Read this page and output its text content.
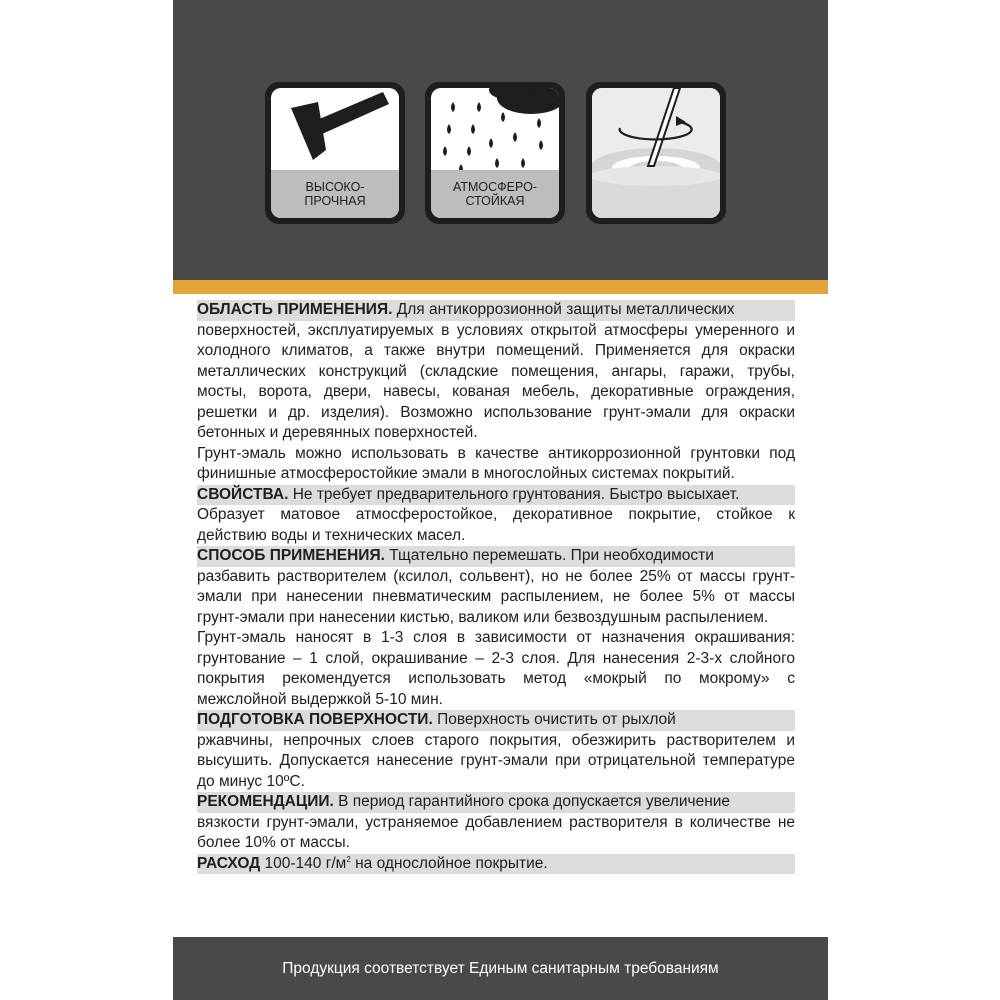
ВЫСОКО-
ПРОЧНАЯ
АТМОСФЕРО-
СТОЙКАЯ
ОБЛАСТЬ ПРИМЕНЕНИЯ. Для антикоррозионной защиты металлических

поверхностей, эксплуатируемых в условиях открытой атмосферы умеренного и холодного климатов, а также внутри помещений. Применяется для окраски металлических конструкций (складские помещения, ангары, гаражи, трубы, мосты, ворота, двери, навесы, кованая мебель, декоративные ограждения, решетки и др. изделия). Возможно использование грунт-эмали для окраски бетонных и деревянных поверхностей.

Грунт-эмаль можно использовать в качестве антикоррозионной грунтовки под финишные атмосферостойкие эмали в многослойных системах покрытий.

СВОЙСТВА. Не требует предварительного грунтования. Быстро высыхает.

Образует матовое атмосферостойкое, декоративное покрытие, стойкое к действию воды и технических масел.

СПОСОБ ПРИМЕНЕНИЯ. Тщательно перемешать. При необходимости

разбавить растворителем (ксилол, сольвент), но не более 25% от массы грунт-эмали при нанесении пневматическим распылением, не более 5% от массы грунт-эмали при нанесении кистью, валиком или безвоздушным распылением.

Грунт-эмаль наносят в 1-3 слоя в зависимости от назначения окрашивания: грунтование – 1 слой, окрашивание – 2-3 слоя. Для нанесения 2-3-х слойного покрытия рекомендуется использовать метод «мокрый по мокрому» с межслойной выдержкой 5-10 мин.

ПОДГОТОВКА ПОВЕРХНОСТИ. Поверхность очистить от рыхлой

ржавчины, непрочных слоев старого покрытия, обезжирить растворителем и высушить. Допускается нанесение грунт-эмали при отрицательной температуре до минус 10ºС.

РЕКОМЕНДАЦИИ. В период гарантийного срока допускается увеличение

вязкости грунт-эмали, устраняемое добавлением растворителя в количестве не более 10% от массы.

РАСХОД 100-140 $г/м^2$ на однослойное покрытие.
Продукция соответствует Единым санитарным требованиям
